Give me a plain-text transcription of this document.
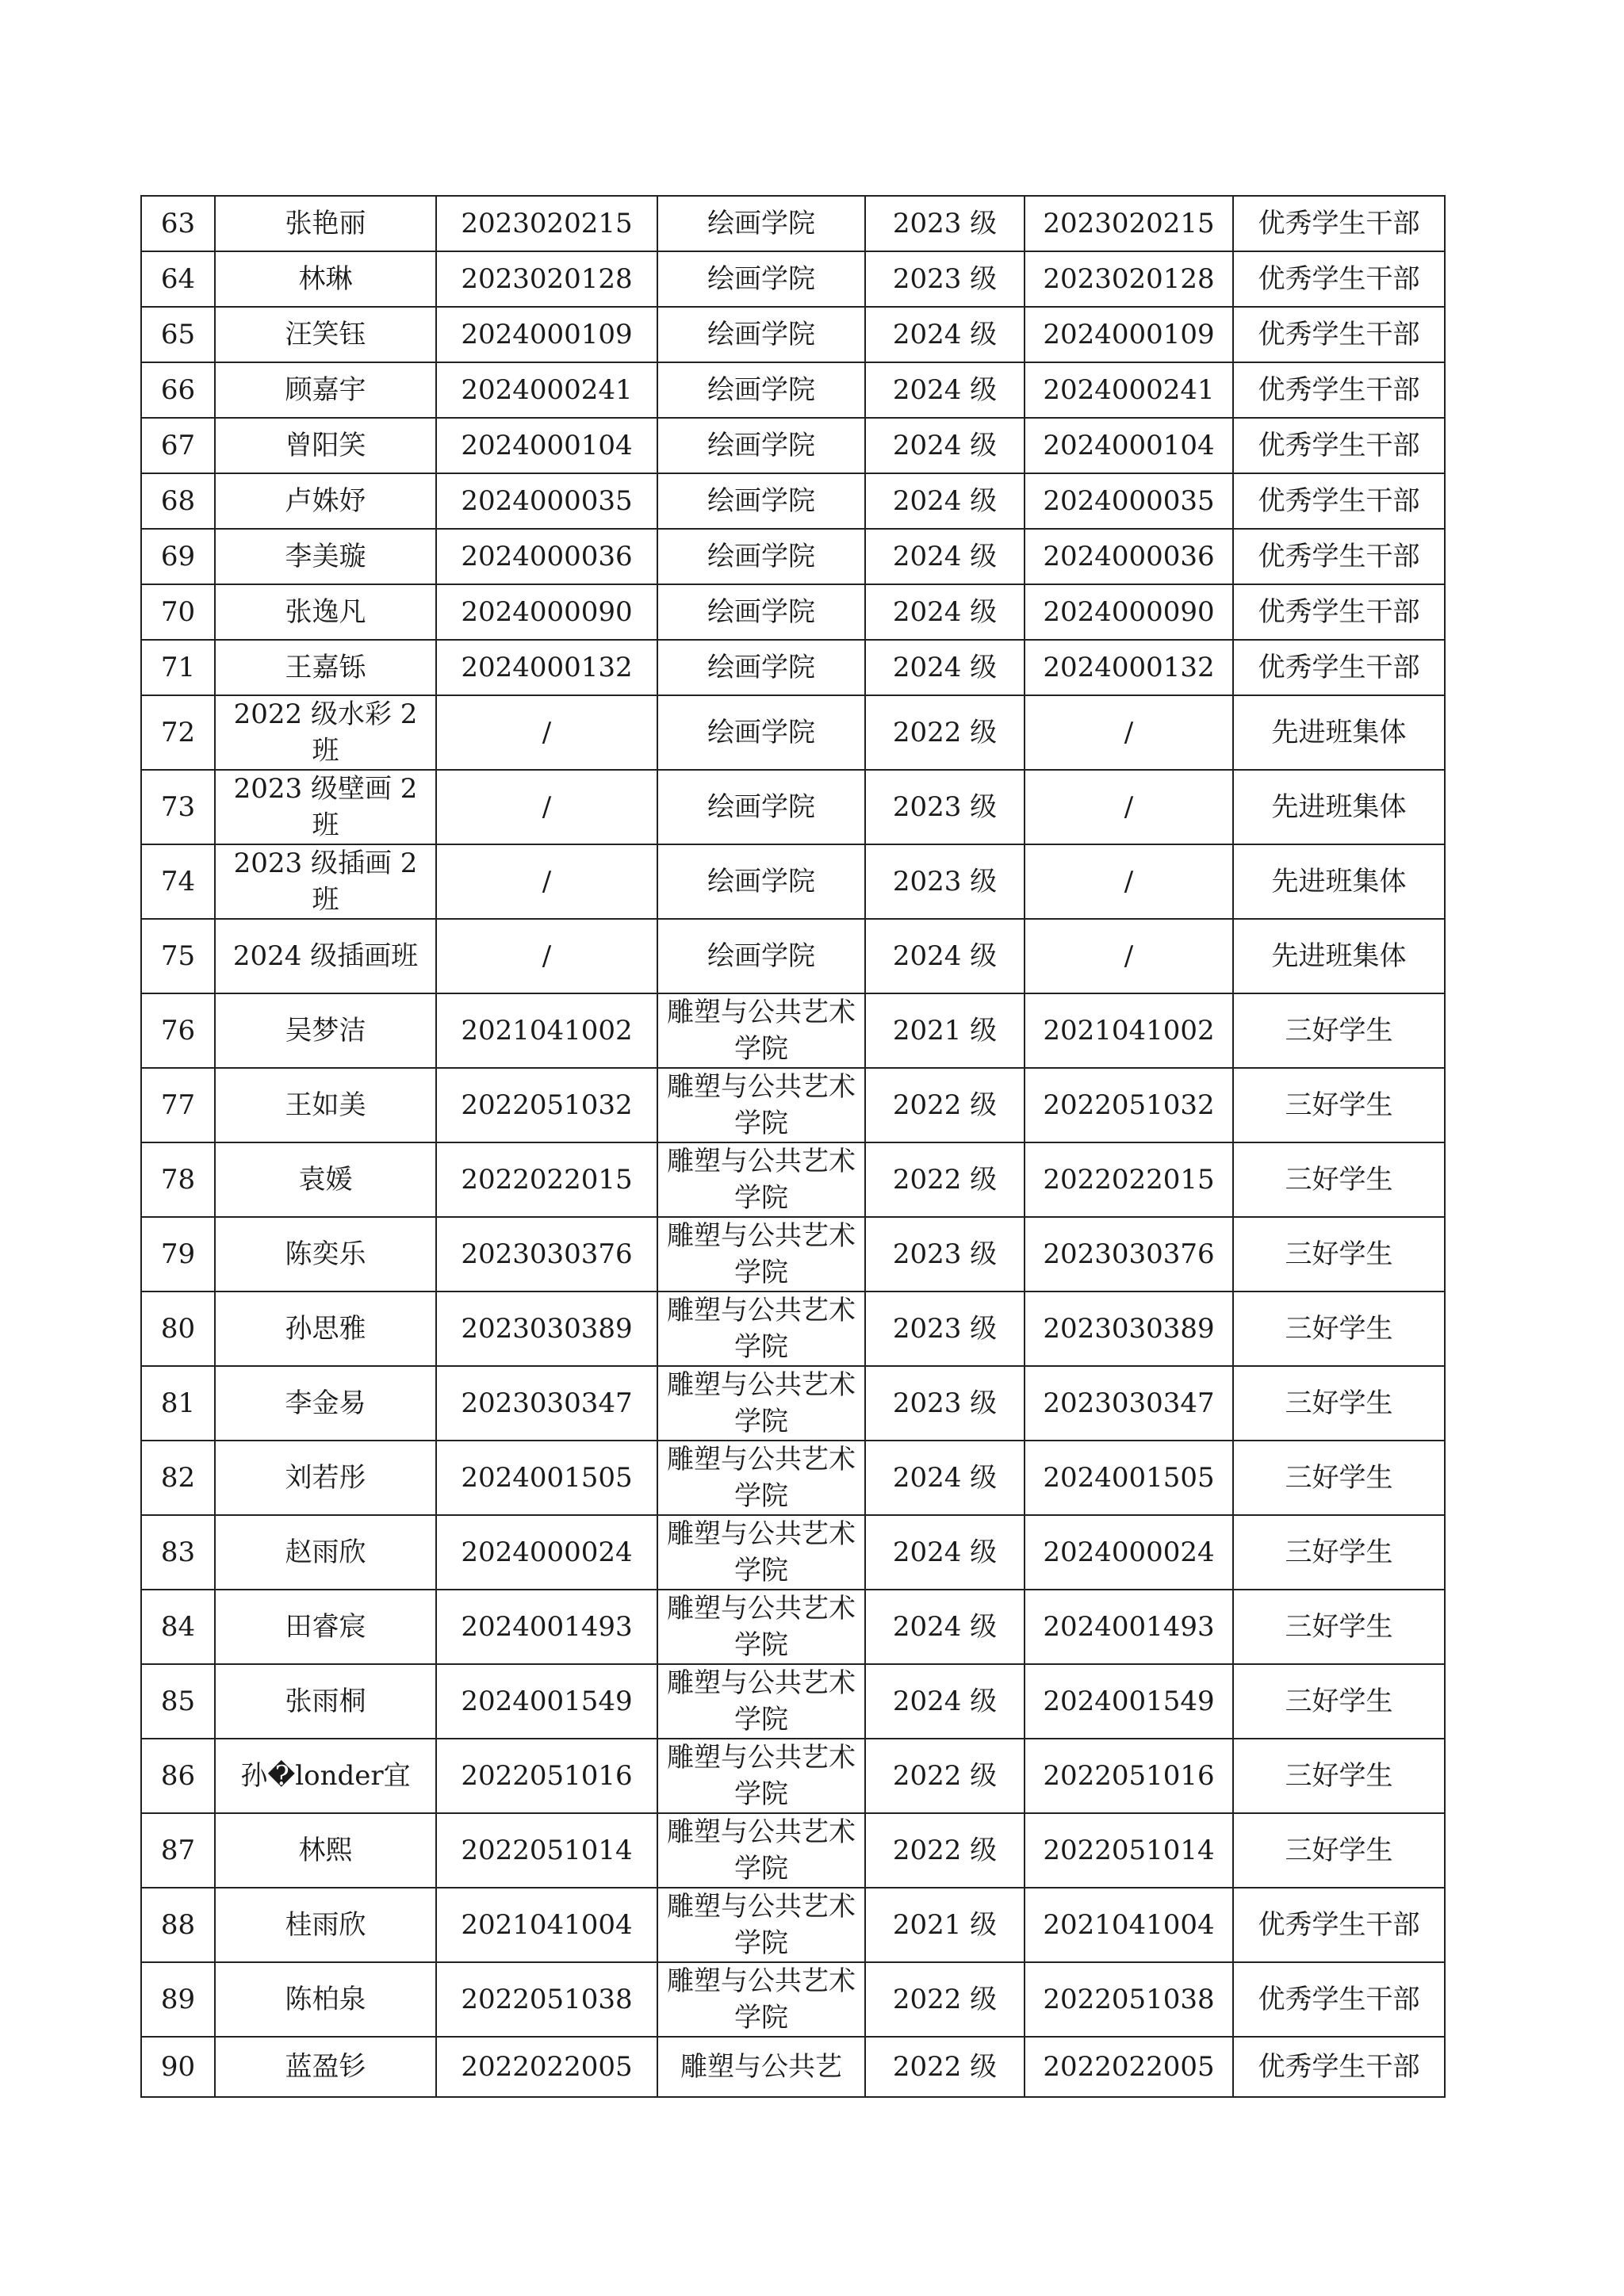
63	张艳丽	2023020215	绘画学院	2023 级	2023020215	优秀学生干部

64	林琳	2023020128	绘画学院	2023 级	2023020128	优秀学生干部

65	汪笑钰	2024000109	绘画学院	2024 级	2024000109	优秀学生干部

66	顾嘉宇	2024000241	绘画学院	2024 级	2024000241	优秀学生干部

67	曾阳笑	2024000104	绘画学院	2024 级	2024000104	优秀学生干部

68	卢姝妤	2024000035	绘画学院	2024 级	2024000035	优秀学生干部

69	李美璇	2024000036	绘画学院	2024 级	2024000036	优秀学生干部

70	张逸凡	2024000090	绘画学院	2024 级	2024000090	优秀学生干部

71	王嘉铄	2024000132	绘画学院	2024 级	2024000132	优秀学生干部

72	2022 级水彩 2 班	/	绘画学院	2022 级	/	先进班集体

73	2023 级壁画 2 班	/	绘画学院	2023 级	/	先进班集体

74	2023 级插画 2 班	/	绘画学院	2023 级	/	先进班集体

75	2024 级插画班	/	绘画学院	2024 级	/	先进班集体

76	吴梦洁	2021041002	雕塑与公共艺术学院	2021 级	2021041002	三好学生

77	王如美	2022051032	雕塑与公共艺术学院	2022 级	2022051032	三好学生

78	袁媛	2022022015	雕塑与公共艺术学院	2022 级	2022022015	三好学生

79	陈奕乐	2023030376	雕塑与公共艺术学院	2023 级	2023030376	三好学生

80	孙思雅	2023030389	雕塑与公共艺术学院	2023 级	2023030389	三好学生

81	李金易	2023030347	雕塑与公共艺术学院	2023 级	2023030347	三好学生

82	刘若彤	2024001505	雕塑与公共艺术学院	2024 级	2024001505	三好学生

83	赵雨欣	2024000024	雕塑与公共艺术学院	2024 级	2024000024	三好学生

84	田睿宸	2024001493	雕塑与公共艺术学院	2024 级	2024001493	三好学生

85	张雨桐	2024001549	雕塑与公共艺术学院	2024 级	2024001549	三好学生

86	孙�londer宜	2022051016	雕塑与公共艺术学院	2022 级	2022051016	三好学生

87	林熙	2022051014	雕塑与公共艺术学院	2022 级	2022051014	三好学生

88	桂雨欣	2021041004	雕塑与公共艺术学院	2021 级	2021041004	优秀学生干部

89	陈柏泉	2022051038	雕塑与公共艺术学院	2022 级	2022051038	优秀学生干部

90	蓝盈钐	2022022005	雕塑与公共艺	2022 级	2022022005	优秀学生干部
